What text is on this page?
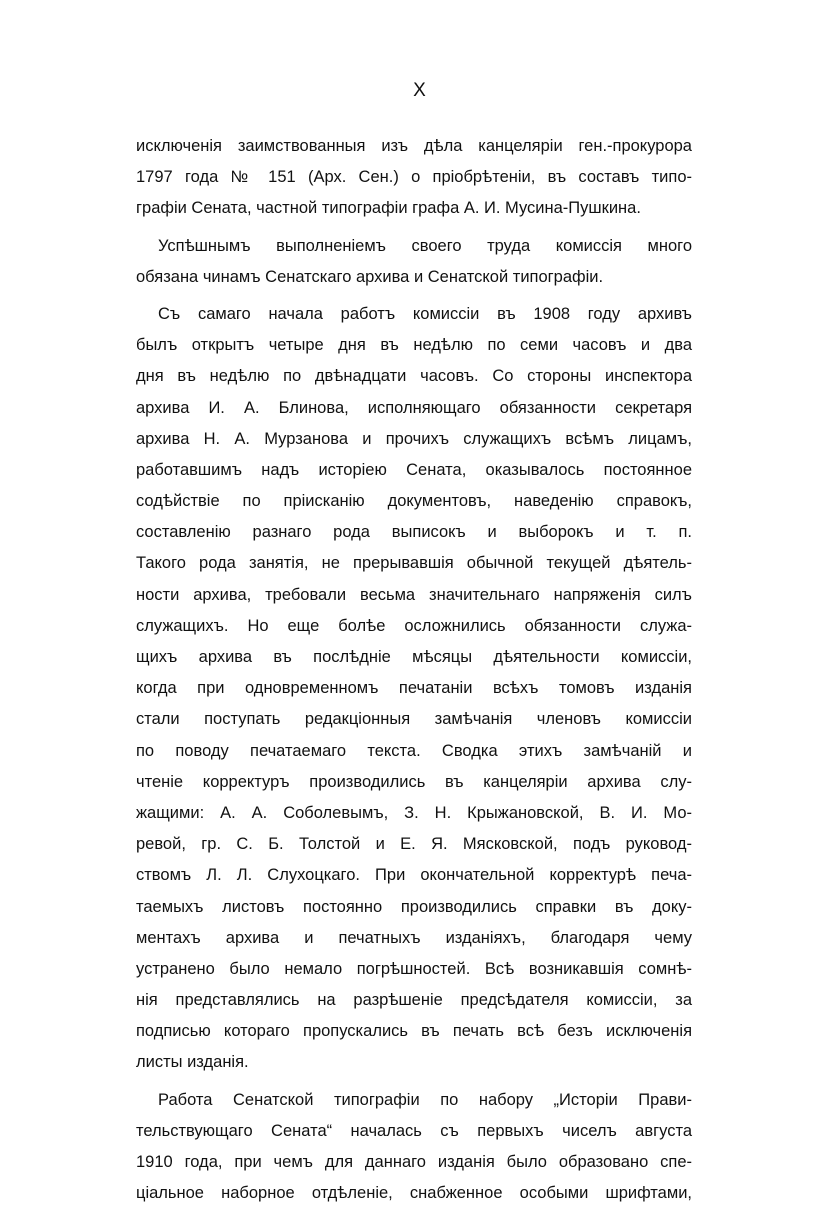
X
исключенія заимствованныя изъ дѣла канцеляріи ген.-прокурора
1797 года № 151 (Арх. Сен.) о пріобрѣтеніи, въ составъ типо-
графіи Сената, частной типографіи графа А. И. Мусина-Пушкина.
Успѣшнымъ выполненіемъ своего труда комиссія много
обязана чинамъ Сенатскаго архива и Сенатской типографіи.
Съ самаго начала работъ комиссіи въ 1908 году архивъ
былъ открытъ четыре дня въ недѣлю по семи часовъ и два
дня въ недѣлю по двѣнадцати часовъ. Со стороны инспектора
архива И. А. Блинова, исполняющаго обязанности секретаря
архива Н. А. Мурзанова и прочихъ служащихъ всѣмъ лицамъ,
работавшимъ надъ исторіею Сената, оказывалось постоянное
содѣйствіе по пріисканію документовъ, наведенію справокъ,
составленію разнаго рода выписокъ и выборокъ и т. п.
Такого рода занятія, не прерывавшія обычной текущей дѣятель-
ности архива, требовали весьма значительнаго напряженія силъ
служащихъ. Но еще болѣе осложнились обязанности служа-
щихъ архива въ послѣдніе мѣсяцы дѣятельности комиссіи,
когда при одновременномъ печатаніи всѣхъ томовъ изданія
стали поступать редакціонныя замѣчанія членовъ комиссіи
по поводу печатаемаго текста. Сводка этихъ замѣчаній и
чтеніе корректуръ производились въ канцеляріи архива слу-
жащими: А. А. Соболевымъ, З. Н. Крыжановской, В. И. Мо-
ревой, гр. С. Б. Толстой и Е. Я. Мясковской, подъ руковод-
ствомъ Л. Л. Слухоцкаго. При окончательной корректурѣ печа-
таемыхъ листовъ постоянно производились справки въ доку-
ментахъ архива и печатныхъ изданіяхъ, благодаря чему
устранено было немало погрѣшностей. Всѣ возникавшія сомнѣ-
нія представлялись на разрѣшеніе предсѣдателя комиссіи, за
подписью котораго пропускались въ печать всѣ безъ исключенія
листы изданія.
Работа Сенатской типографіи по набору „Исторіи Прави-
тельствующаго Сената“ началась съ первыхъ чиселъ августа
1910 года, при чемъ для даннаго изданія было образовано спе-
ціальное наборное отдѣленіе, снабженное особыми шрифтами,
